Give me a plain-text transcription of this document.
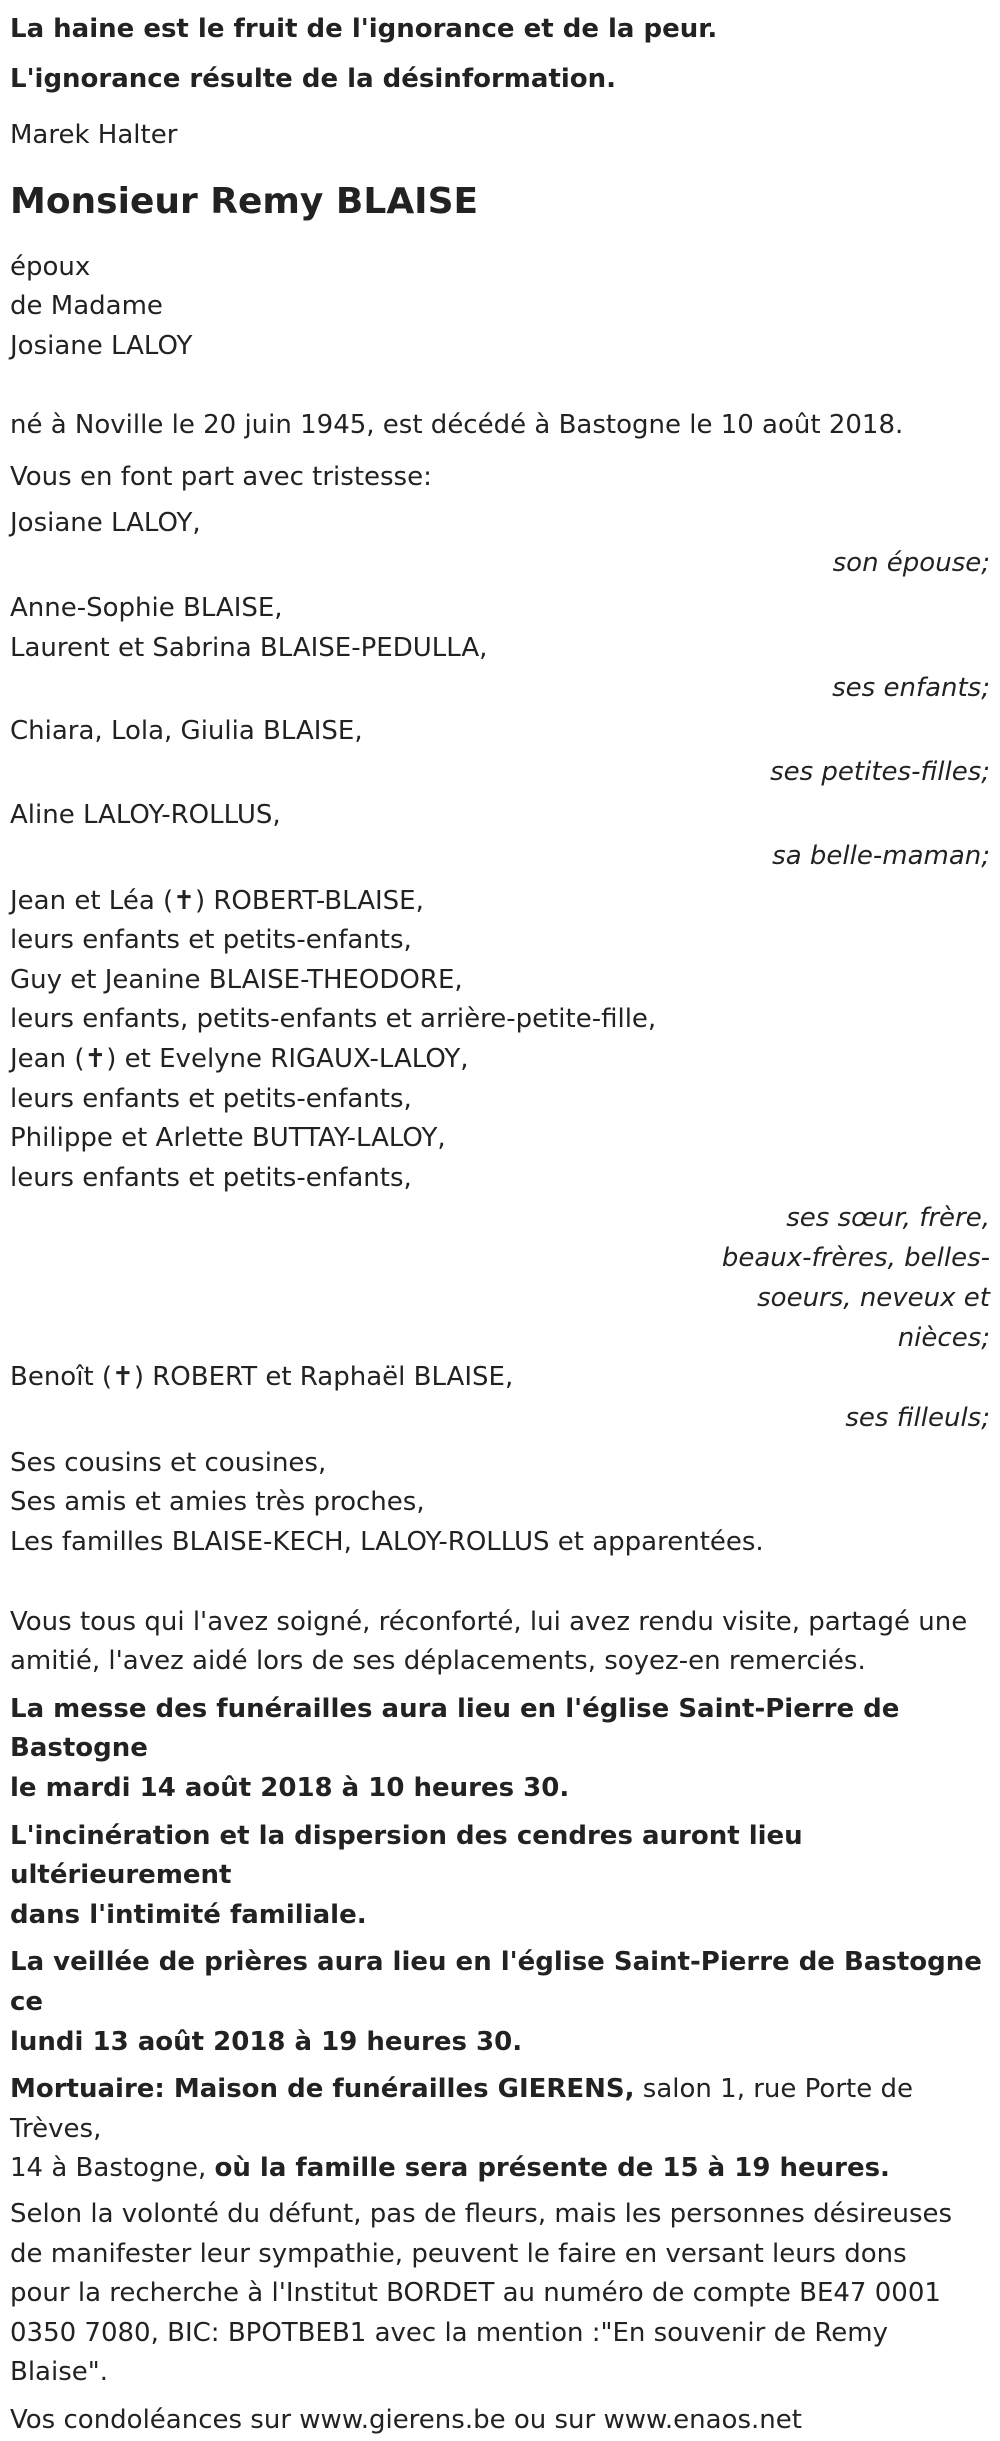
La haine est le fruit de l'ignorance et de la peur.

L'ignorance résulte de la désinformation.

Marek Halter

Monsieur Remy BLAISE

époux

de Madame

Josiane LALOY

né à Noville le 20 juin 1945, est décédé à Bastogne le 10 août 2018.

Vous en font part avec tristesse:

Josiane LALOY,

son épouse;

Anne-Sophie BLAISE,

Laurent et Sabrina BLAISE-PEDULLA,

ses enfants;

Chiara, Lola, Giulia BLAISE,

ses petites-filles;

Aline LALOY-ROLLUS,

sa belle-maman;

Jean et Léa (✝) ROBERT-BLAISE,

leurs enfants et petits-enfants,

Guy et Jeanine BLAISE-THEODORE,

leurs enfants, petits-enfants et arrière-petite-fille,

Jean (✝) et Evelyne RIGAUX-LALOY,

leurs enfants et petits-enfants,

Philippe et Arlette BUTTAY-LALOY,

leurs enfants et petits-enfants,

ses sœur, frère,

beaux-frères, belles-

soeurs, neveux et

nièces;

Benoît (✝) ROBERT et Raphaël BLAISE,

ses filleuls;

Ses cousins et cousines,

Ses amis et amies très proches,

Les familles BLAISE-KECH, LALOY-ROLLUS et apparentées.

Vous tous qui l'avez soigné, réconforté, lui avez rendu visite, partagé une

amitié, l'avez aidé lors de ses déplacements, soyez-en remerciés.

La messe des funérailles aura lieu en l'église Saint-Pierre de Bastogne

le mardi 14 août 2018 à 10 heures 30.

L'incinération et la dispersion des cendres auront lieu ultérieurement

dans l'intimité familiale.

La veillée de prières aura lieu en l'église Saint-Pierre de Bastogne ce

lundi 13 août 2018 à 19 heures 30.

Mortuaire: Maison de funérailles GIERENS, salon 1, rue Porte de Trèves,

14 à Bastogne, où la famille sera présente de 15 à 19 heures.

Selon la volonté du défunt, pas de fleurs, mais les personnes désireuses

de manifester leur sympathie, peuvent le faire en versant leurs dons

pour la recherche à l'Institut BORDET au numéro de compte BE47 0001

0350 7080, BIC: BPOTBEB1 avec la mention :"En souvenir de Remy Blaise".

Vos condoléances sur www.gierens.be ou sur www.enaos.net
